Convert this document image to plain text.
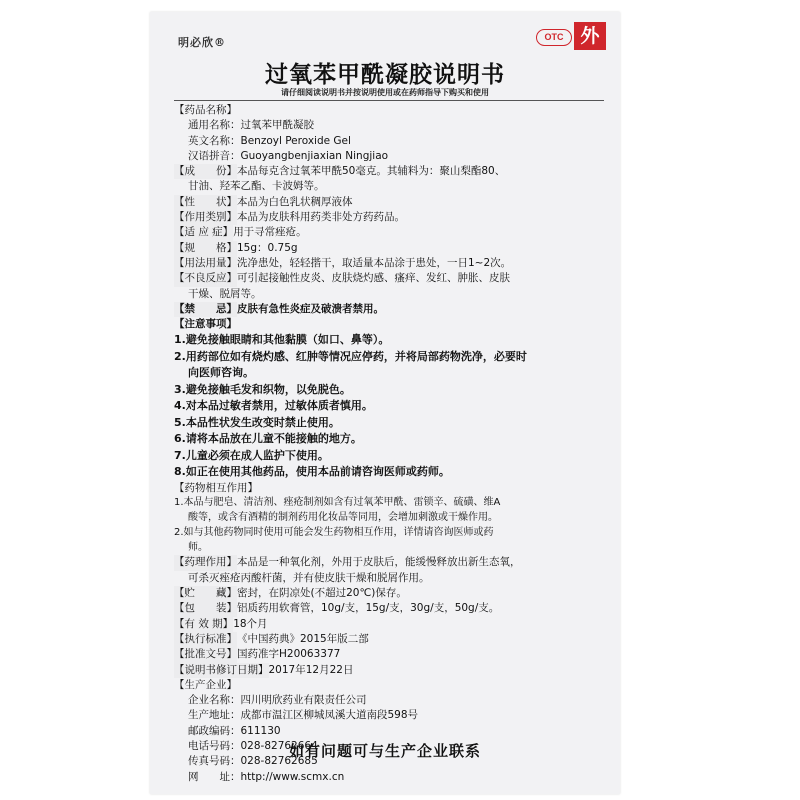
明必欣®	OTC 外
过氧苯甲酰凝胶说明书
请仔细阅读说明书并按说明使用或在药师指导下购买和使用
【药品名称】
通用名称：过氧苯甲酰凝胶
英文名称：Benzoyl Peroxide Gel
汉语拼音：Guoyangbenjiaxian Ningjiao
【成　　份】本品每克含过氧苯甲酰50毫克。其辅料为：聚山梨酯80、
甘油、羟苯乙酯、卡波姆等。
【性　　状】本品为白色乳状稠厚液体
【作用类别】本品为皮肤科用药类非处方药药品。
【适 应 症】用于寻常痤疮。
【规　　格】15g：0.75g
【用法用量】洗净患处，轻轻揩干，取适量本品涂于患处，一日1~2次。
【不良反应】可引起接触性皮炎、皮肤烧灼感、瘙痒、发红、肿胀、皮肤
干燥、脱屑等。
【禁　　忌】皮肤有急性炎症及破溃者禁用。
【注意事项】
1.避免接触眼睛和其他黏膜（如口、鼻等）。
2.用药部位如有烧灼感、红肿等情况应停药，并将局部药物洗净，必要时
向医师咨询。
3.避免接触毛发和织物，以免脱色。
4.对本品过敏者禁用，过敏体质者慎用。
5.本品性状发生改变时禁止使用。
6.请将本品放在儿童不能接触的地方。
7.儿童必须在成人监护下使用。
8.如正在使用其他药品，使用本品前请咨询医师或药师。
【药物相互作用】
1.本品与肥皂、清洁剂、痤疮制剂如含有过氧苯甲酰、雷锁辛、硫磺、维A
酸等，或含有酒精的制剂药用化妆品等同用，会增加刺激或干燥作用。
2.如与其他药物同时使用可能会发生药物相互作用，详情请咨询医师或药
师。
【药理作用】本品是一种氧化剂，外用于皮肤后，能缓慢释放出新生态氧，
可杀灭痤疮丙酸杆菌，并有使皮肤干燥和脱屑作用。
【贮　　藏】密封，在阴凉处(不超过20℃)保存。
【包　　装】铝质药用软膏管，10g/支，15g/支，30g/支，50g/支。
【有 效 期】18个月
【执行标准】《中国药典》2015年版二部
【批准文号】国药准字H20063377
【说明书修订日期】2017年12月22日
【生产企业】
企业名称：四川明欣药业有限责任公司
生产地址：成都市温江区柳城凤溪大道南段598号
邮政编码：611130
电话号码：028-82762664
传真号码：028-82762685
网　　址：http://www.scmx.cn
如有问题可与生产企业联系
